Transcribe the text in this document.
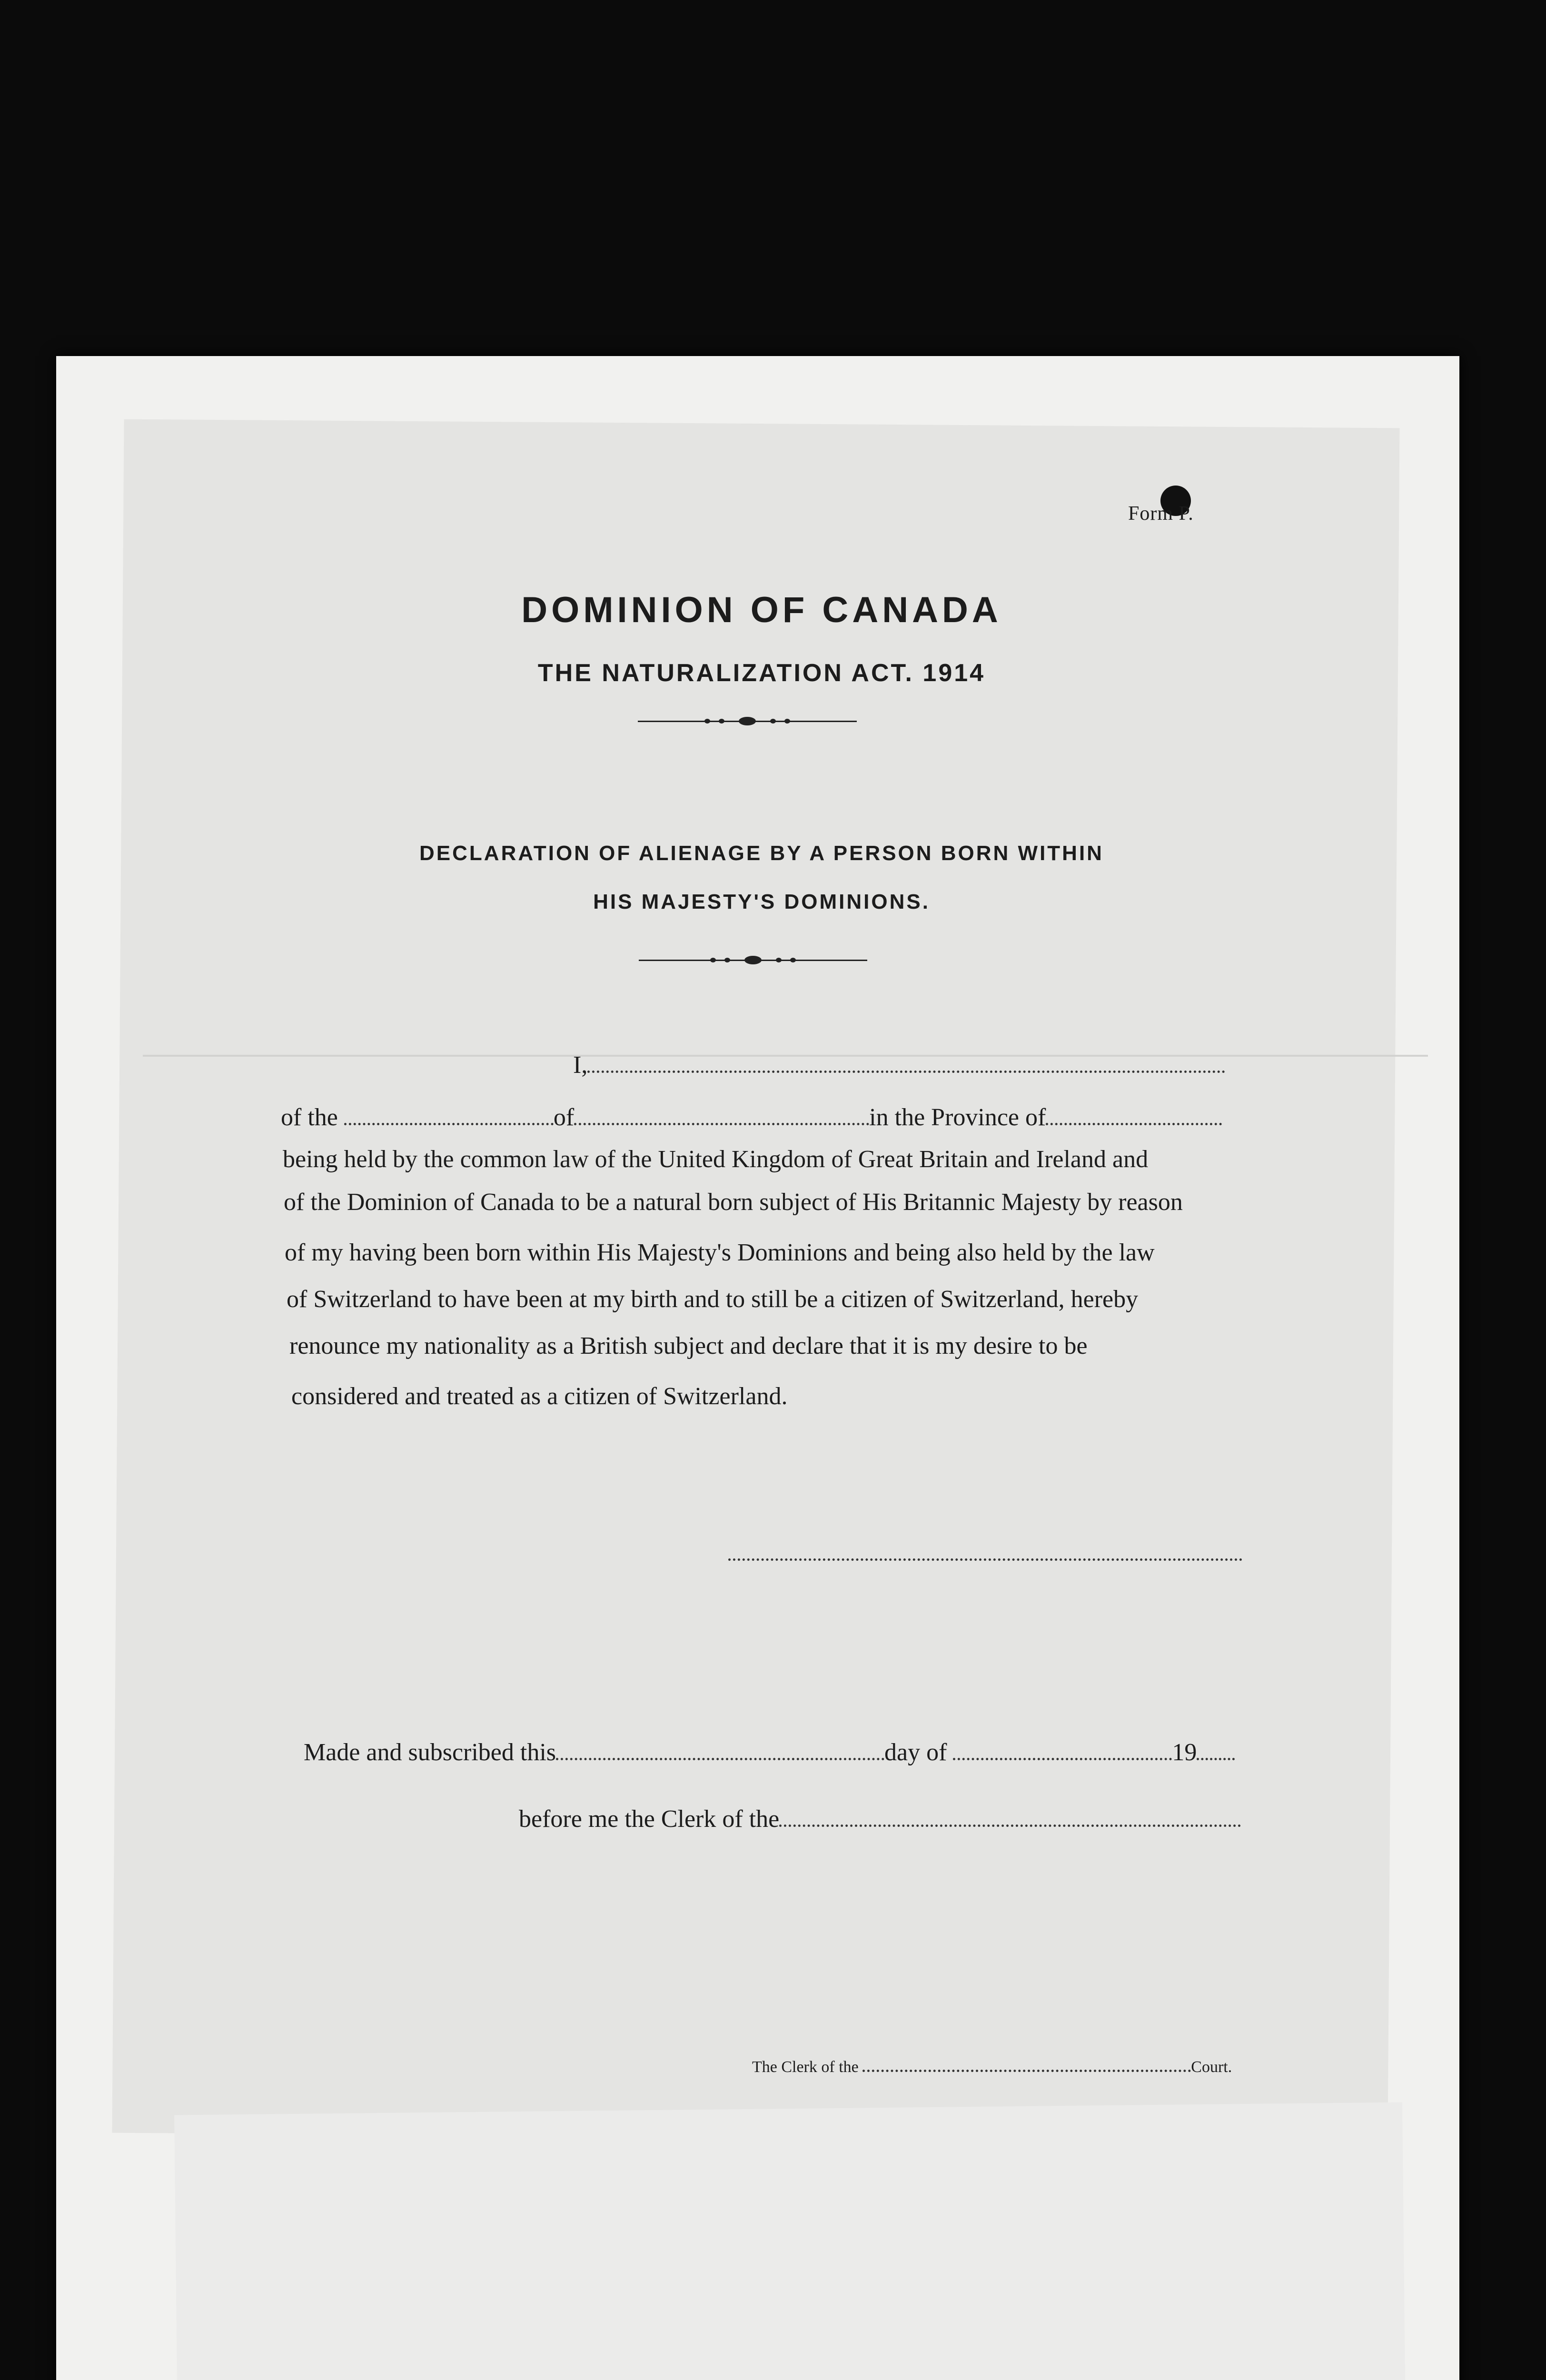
Form P.
DOMINION OF CANADA
THE NATURALIZATION ACT. 1914
DECLARATION OF ALIENAGE BY A PERSON BORN WITHIN
HIS MAJESTY'S DOMINIONS.
I,
of the	of	in the Province of
being held by the common law of the United Kingdom of Great Britain and Ireland and
of the Dominion of Canada to be a natural born subject of His Britannic Majesty by reason
of my having been born within His Majesty's Dominions and being also held by the law
of Switzerland to have been at my birth and to still be a citizen of Switzerland, hereby
renounce my nationality as a British subject and declare that it is my desire to be
considered and treated as a citizen of Switzerland.
Made and subscribed this	day of	19
before me the Clerk of the
The Clerk of the	Court.
